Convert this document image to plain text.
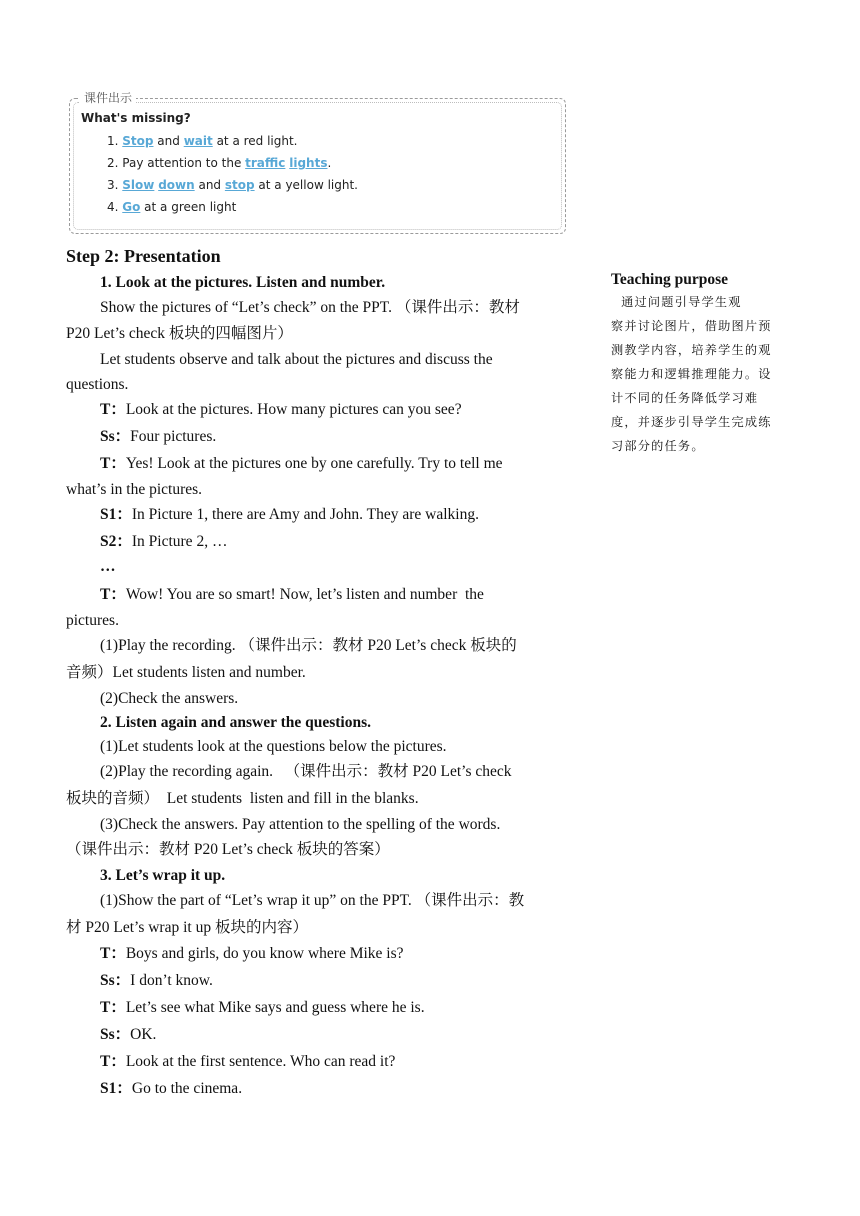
课件出示
What's missing?
1. Stop and wait at a red light.
2. Pay attention to the traffic lights.
3. Slow down and stop at a yellow light.
4. Go at a green light
Step 2: Presentation
1. Look at the pictures. Listen and number.
Show the pictures of “Let’s check” on the PPT. （课件出示：教材
P20 Let’s check 板块的四幅图片）
Let students observe and talk about the pictures and discuss the
questions.
T：Look at the pictures. How many pictures can you see?
Ss：Four pictures.
T：Yes! Look at the pictures one by one carefully. Try to tell me
what’s in the pictures.
S1：In Picture 1, there are Amy and John. They are walking.
S2：In Picture 2, …
…
T：Wow! You are so smart! Now, let’s listen and number  the
pictures.
(1)Play the recording. （课件出示：教材 P20 Let’s check 板块的
音频）Let students listen and number.
(2)Check the answers.
2. Listen again and answer the questions.
(1)Let students look at the questions below the pictures.
(2)Play the recording again.   （课件出示：教材 P20 Let’s check
板块的音频）  Let students  listen and fill in the blanks.
(3)Check the answers. Pay attention to the spelling of the words.
（课件出示：教材 P20 Let’s check 板块的答案）
3. Let’s wrap it up.
(1)Show the part of “Let’s wrap it up” on the PPT. （课件出示：教
材 P20 Let’s wrap it up 板块的内容）
T：Boys and girls, do you know where Mike is?
Ss：I don’t know.
T：Let’s see what Mike says and guess where he is.
Ss：OK.
T：Look at the first sentence. Who can read it?
S1：Go to the cinema.
Teaching purpose
通过问题引导学生观
察并讨论图片，借助图片预
测教学内容，培养学生的观
察能力和逻辑推理能力。设
计不同的任务降低学习难
度，并逐步引导学生完成练
习部分的任务。
